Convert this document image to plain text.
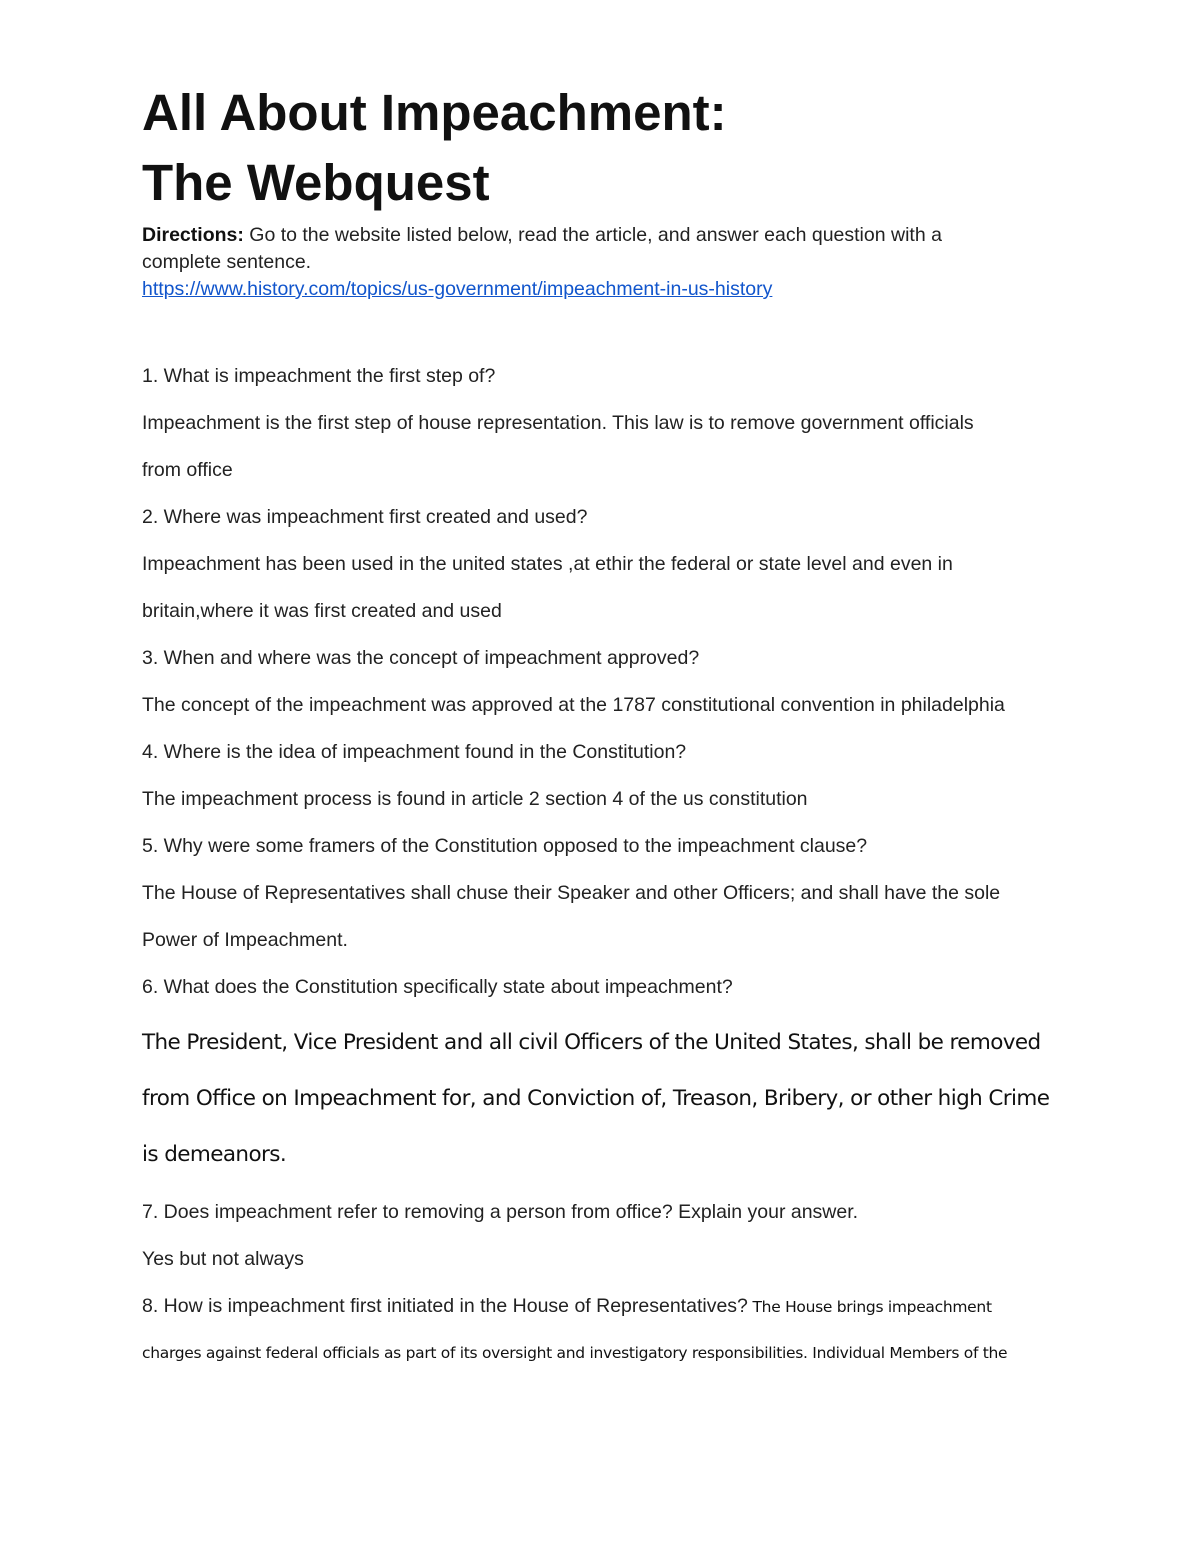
All About Impeachment:
The Webquest
Directions: Go to the website listed below, read the article, and answer each question with a
complete sentence.
https://www.history.com/topics/us-government/impeachment-in-us-history
1. What is impeachment the first step of?
Impeachment is the first step of house representation. This law is to remove government officials
from office
2. Where was impeachment first created and used?
Impeachment has been used in the united states ,at ethir the federal or state level and even in
britain,where it was first created and used
3. When and where was the concept of impeachment approved?
The concept of the impeachment was approved at the 1787 constitutional convention in philadelphia
4. Where is the idea of impeachment found in the Constitution?
The impeachment process is found in article 2 section 4 of the us constitution
5. Why were some framers of the Constitution opposed to the impeachment clause?
The House of Representatives shall chuse their Speaker and other Officers; and shall have the sole
Power of Impeachment.
6. What does the Constitution specifically state about impeachment?
The President, Vice President and all civil Officers of the United States, shall be removed
from Office on Impeachment for, and Conviction of, Treason, Bribery, or other high Crime
is demeanors.
7. Does impeachment refer to removing a person from office? Explain your answer.
Yes but not always
8. How is impeachment first initiated in the House of Representatives? The House brings impeachment
charges against federal officials as part of its oversight and investigatory responsibilities. Individual Members of the
